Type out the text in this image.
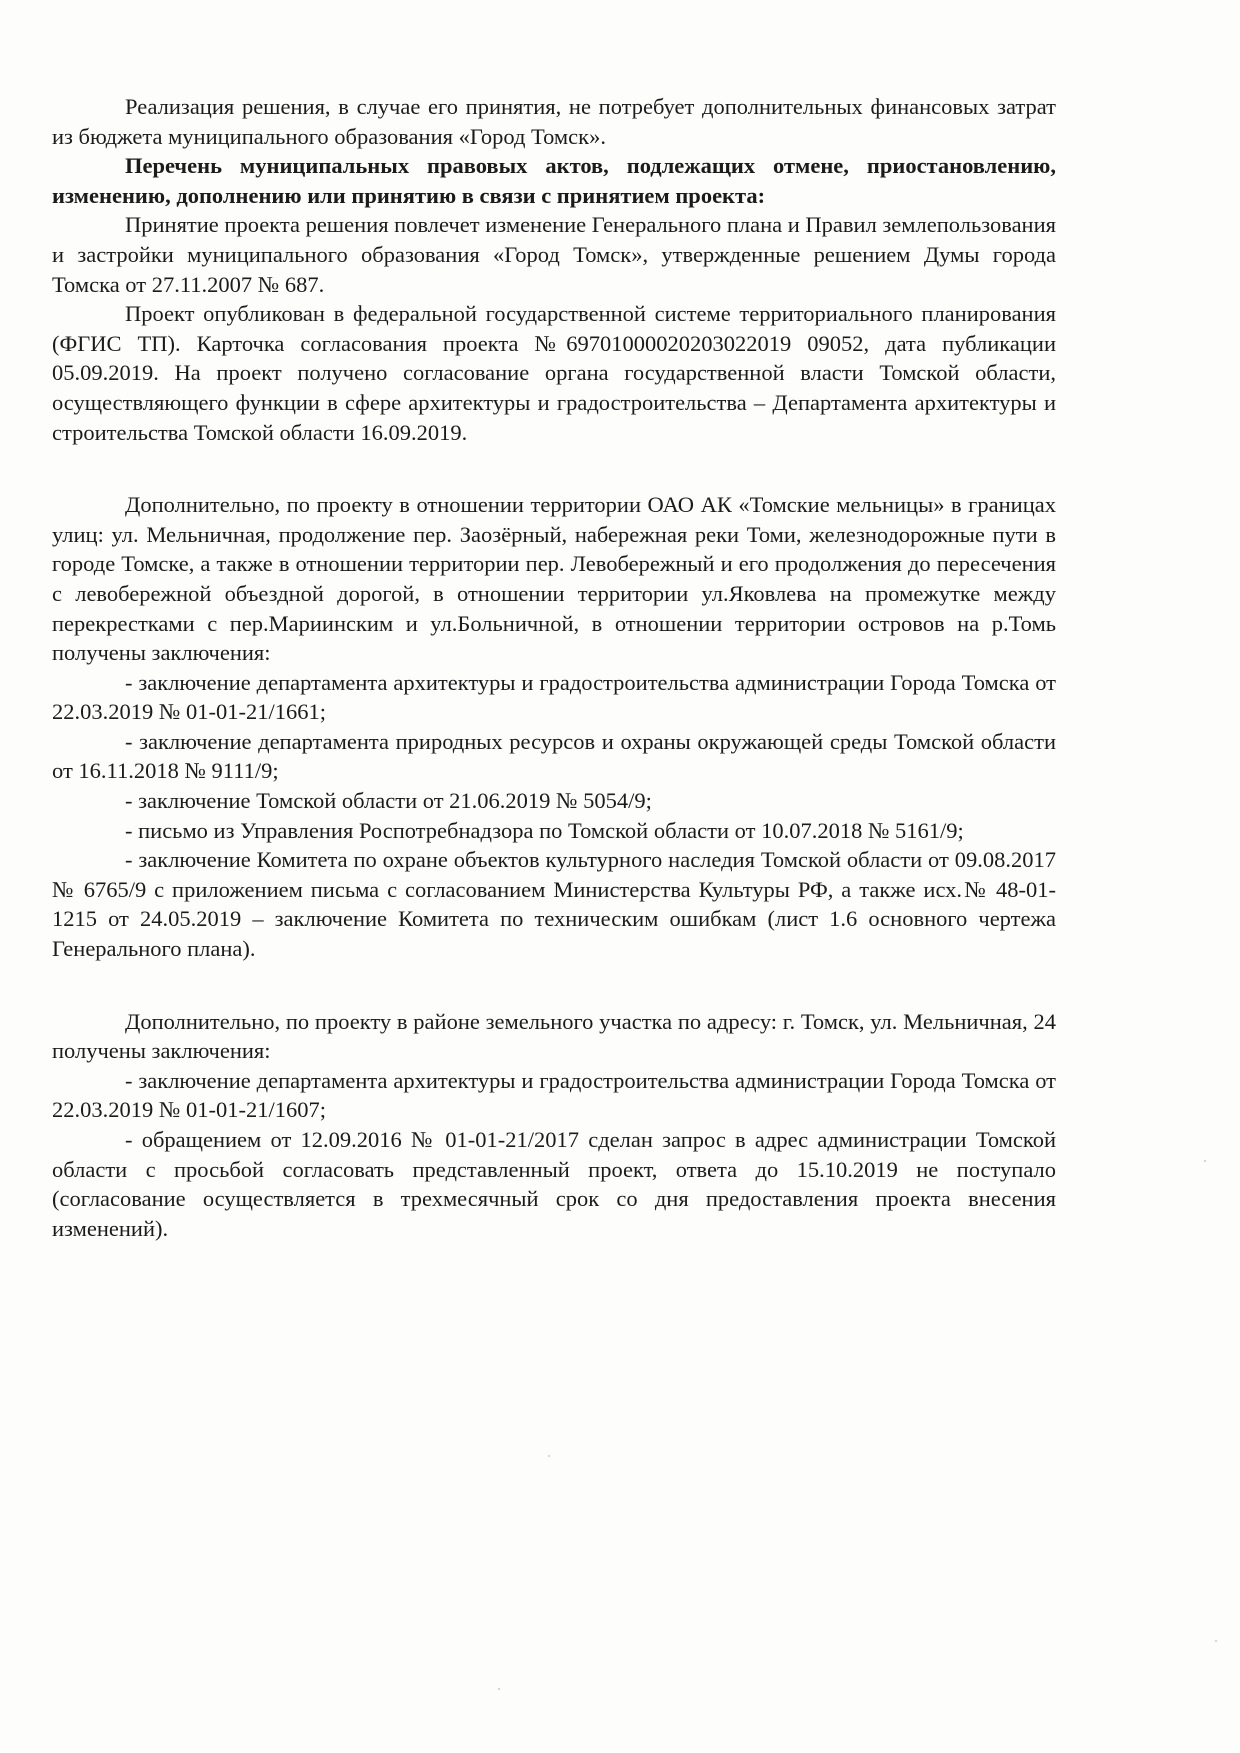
Реализация решения, в случае его принятия, не потребует дополнительных финансовых затрат из бюджета муниципального образования «Город Томск».

Перечень муниципальных правовых актов, подлежащих отмене, приостановлению, изменению, дополнению или принятию в связи с принятием проекта:

Принятие проекта решения повлечет изменение Генерального плана и Правил землепользования и застройки муниципального образования «Город Томск», утвержденные решением Думы города Томска от 27.11.2007 № 687.

Проект опубликован в федеральной государственной системе территориального планирования (ФГИС ТП). Карточка согласования проекта №69701000020203022019 09052, дата публикации 05.09.2019. На проект получено согласование органа государственной власти Томской области, осуществляющего функции в сфере архитектуры и градостроительства – Департамента архитектуры и строительства Томской области 16.09.2019.

Дополнительно, по проекту в отношении территории ОАО АК «Томские мельницы» в границах улиц: ул. Мельничная, продолжение пер. Заозёрный, набережная реки Томи, железнодорожные пути в городе Томске, а также в отношении территории пер. Левобережный и его продолжения до пересечения с левобережной объездной дорогой, в отношении территории ул.Яковлева на промежутке между перекрестками с пер.Мариинским и ул.Больничной, в отношении территории островов на р.Томь получены заключения:

- заключение департамента архитектуры и градостроительства администрации Города Томска от 22.03.2019 № 01-01-21/1661;

- заключение департамента природных ресурсов и охраны окружающей среды Томской области от 16.11.2018 № 9111/9;

- заключение Томской области от 21.06.2019 № 5054/9;

- письмо из Управления Роспотребнадзора по Томской области от 10.07.2018 № 5161/9;

- заключение Комитета по охране объектов культурного наследия Томской области от 09.08.2017 № 6765/9 с приложением письма с согласованием Министерства Культуры РФ, а также исх.№ 48-01-1215 от 24.05.2019 – заключение Комитета по техническим ошибкам (лист 1.6 основного чертежа Генерального плана).

Дополнительно, по проекту в районе земельного участка по адресу: г. Томск, ул. Мельничная, 24 получены заключения:

- заключение департамента архитектуры и градостроительства администрации Города Томска от 22.03.2019 № 01-01-21/1607;

- обращением от 12.09.2016 № 01-01-21/2017 сделан запрос в адрес администрации Томской области с просьбой согласовать представленный проект, ответа до 15.10.2019 не поступало (согласование осуществляется в трехмесячный срок со дня предоставления проекта внесения изменений).
